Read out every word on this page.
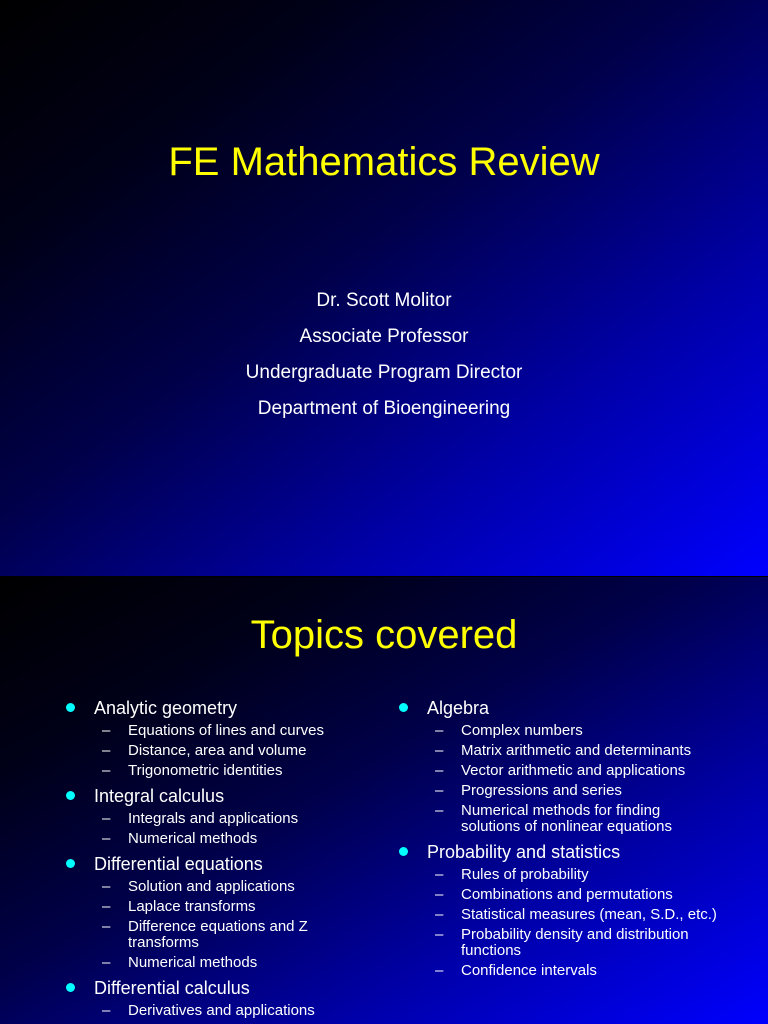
FE Mathematics Review
Dr. Scott Molitor
Associate Professor
Undergraduate Program Director
Department of Bioengineering
Topics covered
Analytic geometry
– Equations of lines and curves
– Distance, area and volume
– Trigonometric identities
Integral calculus
– Integrals and applications
– Numerical methods
Differential equations
– Solution and applications
– Laplace transforms
– Difference equations and Z transforms
– Numerical methods
Differential calculus
– Derivatives and applications
Algebra
– Complex numbers
– Matrix arithmetic and determinants
– Vector arithmetic and applications
– Progressions and series
– Numerical methods for finding solutions of nonlinear equations
Probability and statistics
– Rules of probability
– Combinations and permutations
– Statistical measures (mean, S.D., etc.)
– Probability density and distribution functions
– Confidence intervals
